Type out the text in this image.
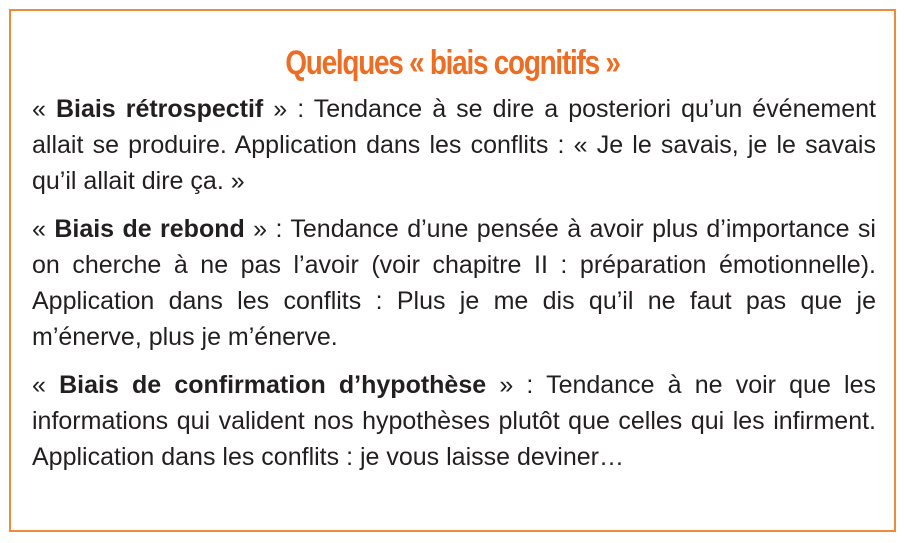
Quelques « biais cognitifs »

« Biais rétrospectif » : Tendance à se dire a posteriori qu’un événement allait se produire. Application dans les conflits : « Je le savais, je le savais qu’il allait dire ça. »

« Biais de rebond » : Tendance d’une pensée à avoir plus d’importance si on cherche à ne pas l’avoir (voir chapitre II : préparation émotionnelle). Application dans les conflits : Plus je me dis qu’il ne faut pas que je m’énerve, plus je m’énerve.

« Biais de confirmation d’hypothèse » : Tendance à ne voir que les informations qui valident nos hypothèses plutôt que celles qui les infirment. Application dans les conflits : je vous laisse deviner…
